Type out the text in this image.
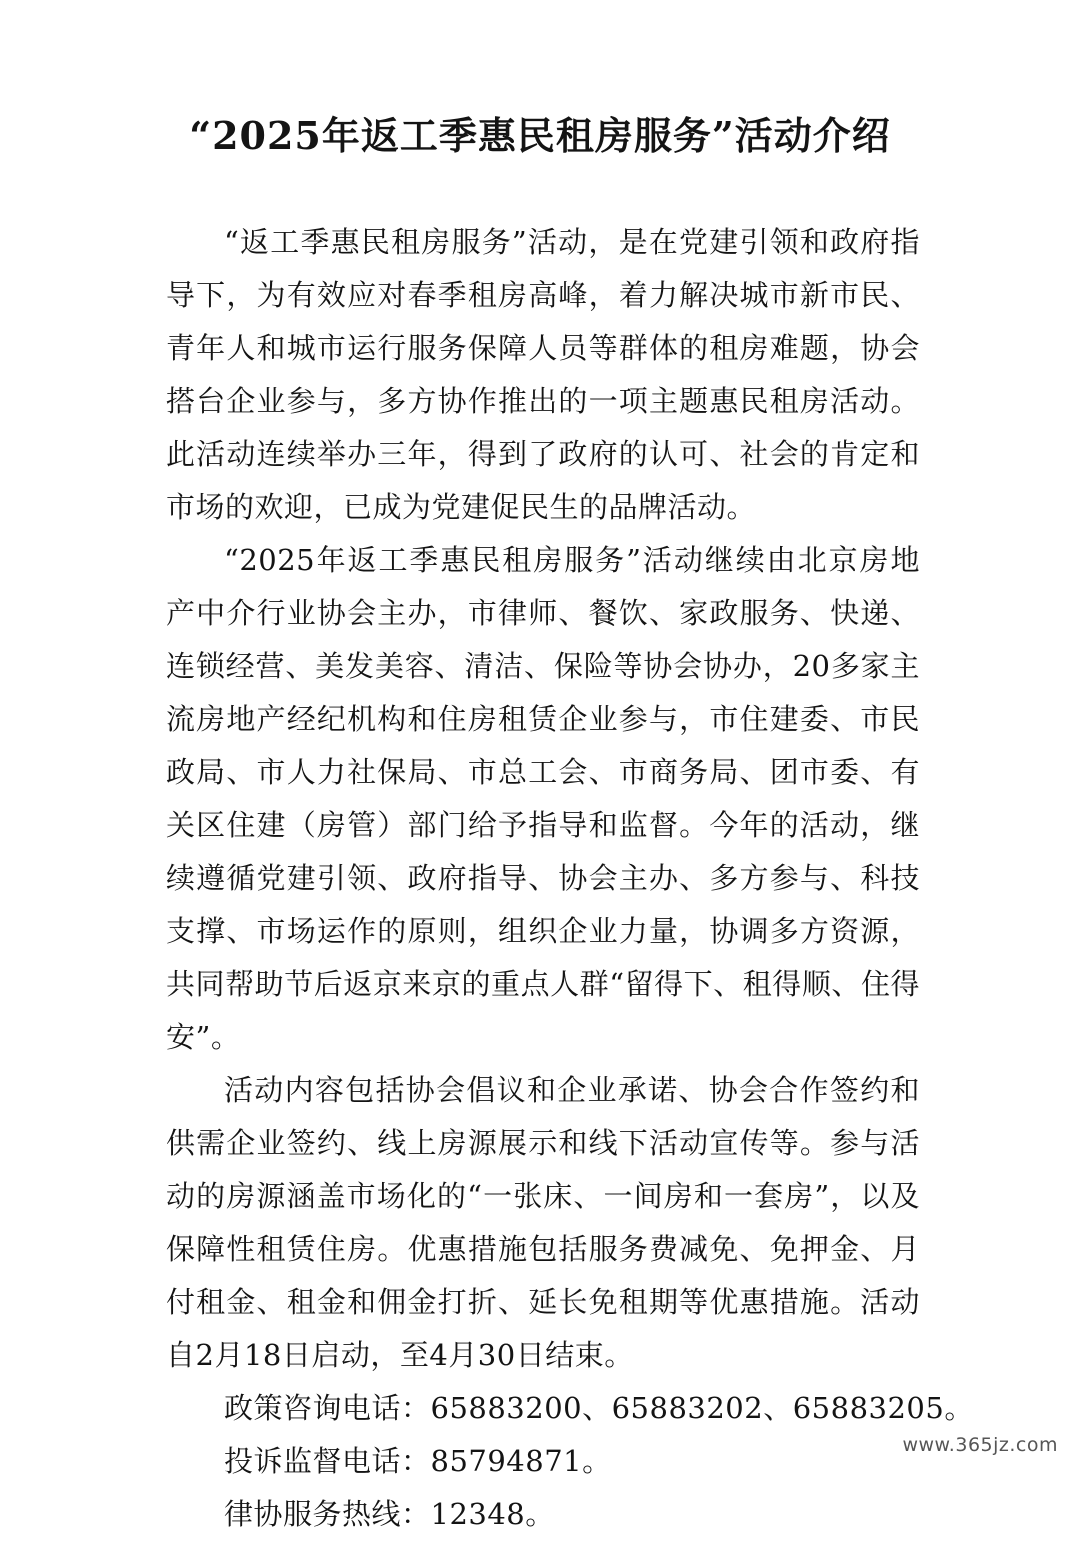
“2025年返工季惠民租房服务”活动介绍

“返工季惠民租房服务”活动，是在党建引领和政府指导下，为有效应对春季租房高峰，着力解决城市新市民、青年人和城市运行服务保障人员等群体的租房难题，协会搭台企业参与，多方协作推出的一项主题惠民租房活动。此活动连续举办三年，得到了政府的认可、社会的肯定和市场的欢迎，已成为党建促民生的品牌活动。

“2025年返工季惠民租房服务”活动继续由北京房地产中介行业协会主办，市律师、餐饮、家政服务、快递、连锁经营、美发美容、清洁、保险等协会协办，20多家主流房地产经纪机构和住房租赁企业参与，市住建委、市民政局、市人力社保局、市总工会、市商务局、团市委、有关区住建（房管）部门给予指导和监督。今年的活动，继续遵循党建引领、政府指导、协会主办、多方参与、科技支撑、市场运作的原则，组织企业力量，协调多方资源，共同帮助节后返京来京的重点人群“留得下、租得顺、住得安”。

活动内容包括协会倡议和企业承诺、协会合作签约和供需企业签约、线上房源展示和线下活动宣传等。参与活动的房源涵盖市场化的“一张床、一间房和一套房”，以及保障性租赁住房。优惠措施包括服务费减免、免押金、月付租金、租金和佣金打折、延长免租期等优惠措施。活动自2月18日启动，至4月30日结束。

政策咨询电话：65883200、65883202、65883205。

投诉监督电话：85794871。

律协服务热线：12348。

www.365jz.com
